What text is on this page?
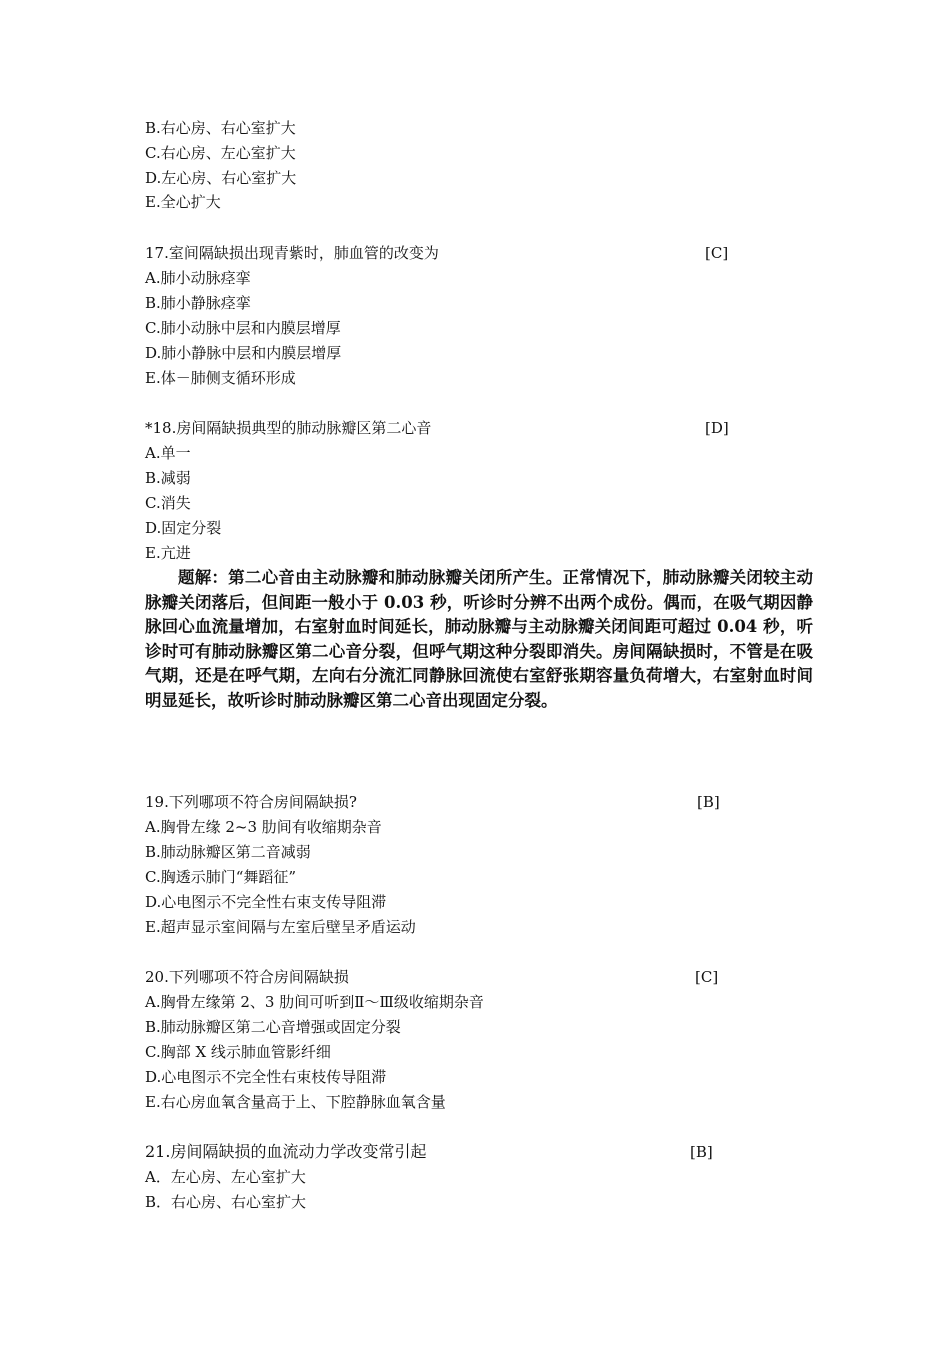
B.右心房、右心室扩大
C.右心房、左心室扩大
D.左心房、右心室扩大
E.全心扩大
17.室间隔缺损出现青紫时，肺血管的改变为	[C]
A.肺小动脉痉挛
B.肺小静脉痉挛
C.肺小动脉中层和内膜层增厚
D.肺小静脉中层和内膜层增厚
E.体－肺侧支循环形成
*18.房间隔缺损典型的肺动脉瓣区第二心音	[D]
A.单一
B.减弱
C.消失
D.固定分裂
E.亢进
题解：第二心音由主动脉瓣和肺动脉瓣关闭所产生。正常情况下，肺动脉瓣关闭较主动脉瓣关闭落后，但间距一般小于 0.03 秒，听诊时分辨不出两个成份。偶而，在吸气期因静脉回心血流量增加，右室射血时间延长，肺动脉瓣与主动脉瓣关闭间距可超过 0.04 秒，听诊时可有肺动脉瓣区第二心音分裂，但呼气期这种分裂即消失。房间隔缺损时，不管是在吸气期，还是在呼气期，左向右分流汇同静脉回流使右室舒张期容量负荷增大，右室射血时间明显延长，故听诊时肺动脉瓣区第二心音出现固定分裂。
19.下列哪项不符合房间隔缺损?	[B]
A.胸骨左缘 2~3 肋间有收缩期杂音
B.肺动脉瓣区第二音减弱
C.胸透示肺门“舞蹈征”
D.心电图示不完全性右束支传导阻滞
E.超声显示室间隔与左室后壁呈矛盾运动
20.下列哪项不符合房间隔缺损	[C]
A.胸骨左缘第 2、3 肋间可听到Ⅱ～Ⅲ级收缩期杂音
B.肺动脉瓣区第二心音增强或固定分裂
C.胸部 X 线示肺血管影纤细
D.心电图示不完全性右束枝传导阻滞
E.右心房血氧含量高于上、下腔静脉血氧含量
21.房间隔缺损的血流动力学改变常引起	[B]
A．左心房、左心室扩大
B．右心房、右心室扩大
